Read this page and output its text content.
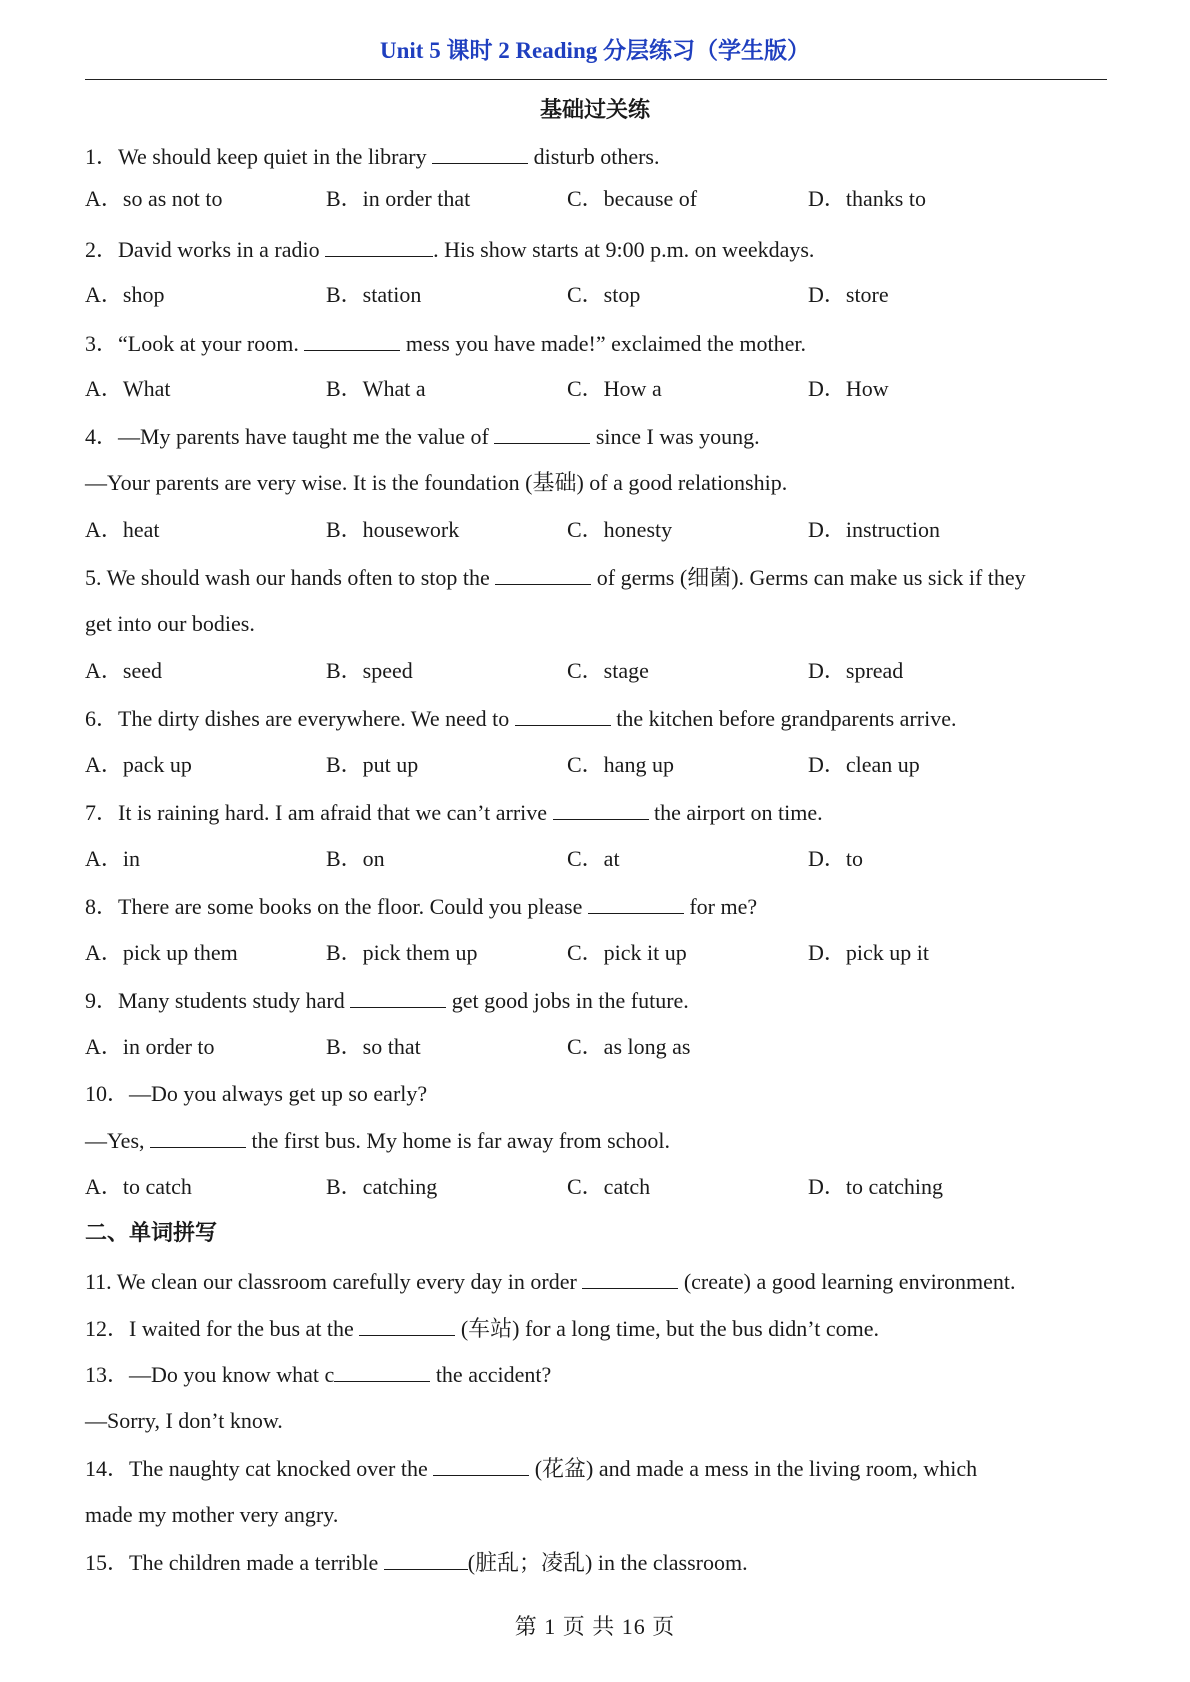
Unit 5 课时 2 Reading 分层练习（学生版）
基础过关练
1．We should keep quiet in the library	disturb others.
A．so as not to	B．in order that	C．because of	D．thanks to
2．David works in a radio	. His show starts at 9:00 p.m. on weekdays.
A．shop	B．station	C．stop	D．store
3．“Look at your room.	mess you have made!” exclaimed the mother.
A．What	B．What a	C．How a	D．How
4．—My parents have taught me the value of	since I was young.
—Your parents are very wise. It is the foundation (基础) of a good relationship.
A．heat	B．housework	C．honesty	D．instruction
5. We should wash our hands often to stop the	of germs (细菌). Germs can make us sick if they
get into our bodies.
A．seed	B．speed	C．stage	D．spread
6．The dirty dishes are everywhere. We need to	the kitchen before grandparents arrive.
A．pack up	B．put up	C．hang up	D．clean up
7．It is raining hard. I am afraid that we can’t arrive	the airport on time.
A．in	B．on	C．at	D．to
8．There are some books on the floor. Could you please	for me?
A．pick up them	B．pick them up	C．pick it up	D．pick up it
9．Many students study hard	get good jobs in the future.
A．in order to	B．so that	C．as long as
10．—Do you always get up so early?
—Yes,	the first bus. My home is far away from school.
A．to catch	B．catching	C．catch	D．to catching
二、单词拼写
11. We clean our classroom carefully every day in order	(create) a good learning environment.
12．I waited for the bus at the	(车站) for a long time, but the bus didn’t come.
13．—Do you know what c	the accident?
—Sorry, I don’t know.
14．The naughty cat knocked over the	(花盆) and made a mess in the living room, which
made my mother very angry.
15．The children made a terrible	(脏乱；凌乱) in the classroom.
第 1 页 共 16 页
